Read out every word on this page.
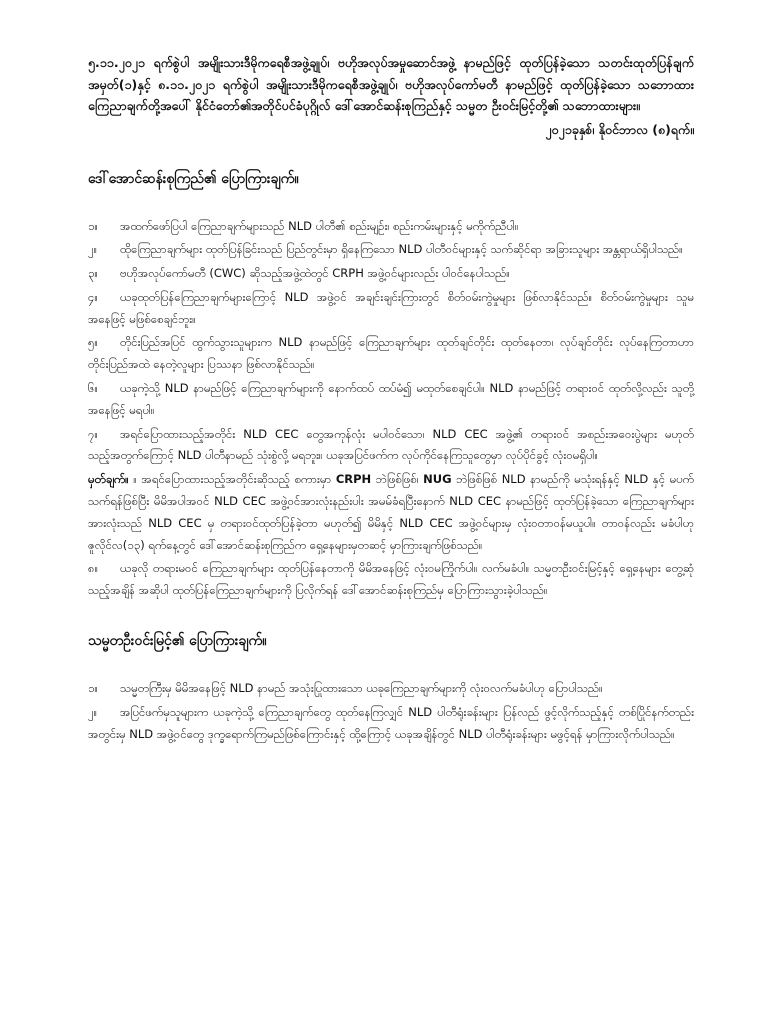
၅.၁၁.၂၀၂၁ ရက်စွဲပါ အမျိုးသားဒီမိုကရေစီအဖွဲ့ချုပ်၊ ဗဟိုအလုပ်အမှုဆောင်အဖွဲ့ နာမည်ဖြင့် ထုတ်ပြန်ခဲ့သော သတင်းထုတ်ပြန်ချက် အမှတ်(၁)နှင့် ၈.၁၁.၂၀၂၁ ရက်စွဲပါ အမျိုးသားဒီမိုကရေစီအဖွဲ့ချုပ်၊ ဗဟိုအလုပ်ကော်မတီ နာမည်ဖြင့် ထုတ်ပြန်ခဲ့သော သဘောထားကြေညာချက်တို့အပေါ် နိုင်ငံတော်၏အတိုင်ပင်ခံပုဂ္ဂိုလ် ဒေါ်အောင်ဆန်းစုကြည်နှင့် သမ္မတ ဦးဝင်းမြင့်တို့၏ သဘောထားများ။

၂၀၂၁ခုနှစ်၊ နိုဝင်ဘာလ (၈)ရက်။

ဒေါ်အောင်ဆန်းစုကြည်၏ ပြောကြားချက်။

၁။ အထက်ဖော်ပြပါ ကြေညာချက်များသည် NLD ပါတီ၏ စည်းမျဉ်း၊ စည်းကမ်းများနှင့် မကိုက်ညီပါ။

၂။ ထိုကြေညာချက်များ ထုတ်ပြန်ခြင်းသည် ပြည်တွင်းမှာ ရှိနေကြသော NLD ပါတီဝင်များနှင့် သက်ဆိုင်ရာ အခြားသူများ အန္တရာယ်ရှိပါသည်။

၃။ ဗဟိုအလုပ်ကော်မတီ (CWC) ဆိုသည့်အဖွဲ့ထဲတွင် CRPH အဖွဲ့ဝင်များလည်း ပါဝင်နေပါသည်။

၄။ ယခုထုတ်ပြန်ကြေညာချက်များကြောင့် NLD အဖွဲ့ဝင် အချင်းချင်းကြားတွင် စိတ်ဝမ်းကွဲမှုများ ဖြစ်လာနိုင်သည်။ စိတ်ဝမ်းကွဲမှုများ သူမအနေဖြင့် မဖြစ်စေချင်ဘူး။

၅။ တိုင်းပြည်အပြင် ထွက်သွားသူများက NLD နာမည်ဖြင့် ကြေညာချက်များ ထုတ်ချင်တိုင်း ထုတ်နေတာ၊ လုပ်ချင်တိုင်း လုပ်နေကြတာဟာ တိုင်းပြည်အထဲ နေတဲ့လူများ ပြဿနာ ဖြစ်လာနိုင်သည်။

၆။ ယခုကဲ့သို့ NLD နာမည်ဖြင့် ကြေညာချက်များကို နောက်ထပ် ထပ်မံ၍ မထုတ်စေချင်ပါ။ NLD နာမည်ဖြင့် တရားဝင် ထုတ်လို့လည်း သူတို့အနေဖြင့် မရပါ။

၇။ အရင်ပြောထားသည့်အတိုင်း NLD CEC တွေအကုန်လုံး မပါဝင်သော၊ NLD CEC အဖွဲ့၏ တရားဝင် အစည်းအဝေးပွဲများ မဟုတ်သည့်အတွက်ကြောင့် NLD ပါတီနာမည် သုံးစွဲလို့ မရဘူး။ ယခုအပြင်ဖက်က လုပ်ကိုင်နေကြသူတွေမှာ လုပ်ပိုင်ခွင့် လုံးဝမရှိပါ။

မှတ်ချက်။ ။ အရင်ပြောထားသည့်အတိုင်းဆိုသည့် စကားမှာ CRPH ဘဲဖြစ်ဖြစ်၊ NUG ဘဲဖြစ်ဖြစ် NLD နာမည်ကို မသုံးရန်နှင့် NLD နှင့် မပက်သက်ရန်ဖြစ်ပြီး မိမိအပါအဝင် NLD CEC အဖွဲ့ဝင်အားလုံးနည်းပါး အမမ်ခံရပြီးနောက် NLD CEC နာမည်ဖြင့် ထုတ်ပြန်ခဲ့သော ကြေညာချက်များအားလုံးသည် NLD CEC မှ တရားဝင်ထုတ်ပြန်ခဲ့တာ မဟုတ်၍ မိမိနှင့် NLD CEC အဖွဲ့ဝင်များမှ လုံးဝတာဝန်မယူပါ။ တာဝန်လည်း မခံပါဟု ဇူလိုင်လ(၁၃) ရက်နေ့တွင် ဒေါ်အောင်ဆန်းစုကြည်က ရှေ့နေများမှတဆင့် မှာကြားချက်ဖြစ်သည်။

၈။ ယခုလို တရားမဝင် ကြေညာချက်များ ထုတ်ပြန်နေတာကို မိမိအနေဖြင့် လုံးဝမကြိုက်ပါ။ လက်မခံပါ။ သမ္မတဦးဝင်းမြင့်နှင့် ရှေ့နေများ တွေ့ဆုံသည့်အချိန် အဆိုပါ ထုတ်ပြန်ကြေညာချက်များကို ပြလိုက်ရန် ဒေါ်အောင်ဆန်းစုကြည်မှ ပြောကြားသွားခဲ့ပါသည်။

သမ္မတဦးဝင်းမြင့်၏ ပြောကြားချက်။

၁။ သမ္မတကြီးမှ မိမိအနေဖြင့် NLD နာမည် အသုံးပြုထားသော ယခုကြေညာချက်များကို လုံးဝလက်မခံပါဟု ပြောပါသည်။

၂။ အပြင်ဖက်မှသူများက ယခုကဲ့သို့ ကြေညာချက်တွေ ထုတ်နေကြလျှင် NLD ပါတီရုံးခန်းများ ပြန်လည် ဖွင့်လိုက်သည့်နှင့် တစ်ပြိုင်နက်တည်း အတွင်းမှ NLD အဖွဲ့ဝင်တွေ ဒုက္ခရောက်ကြမည်ဖြစ်ကြောင်းနှင့် ထို့ကြောင့် ယခုအချိန်တွင် NLD ပါတီရုံးခန်းများ မဖွင့်ရန် မှာကြားလိုက်ပါသည်။
